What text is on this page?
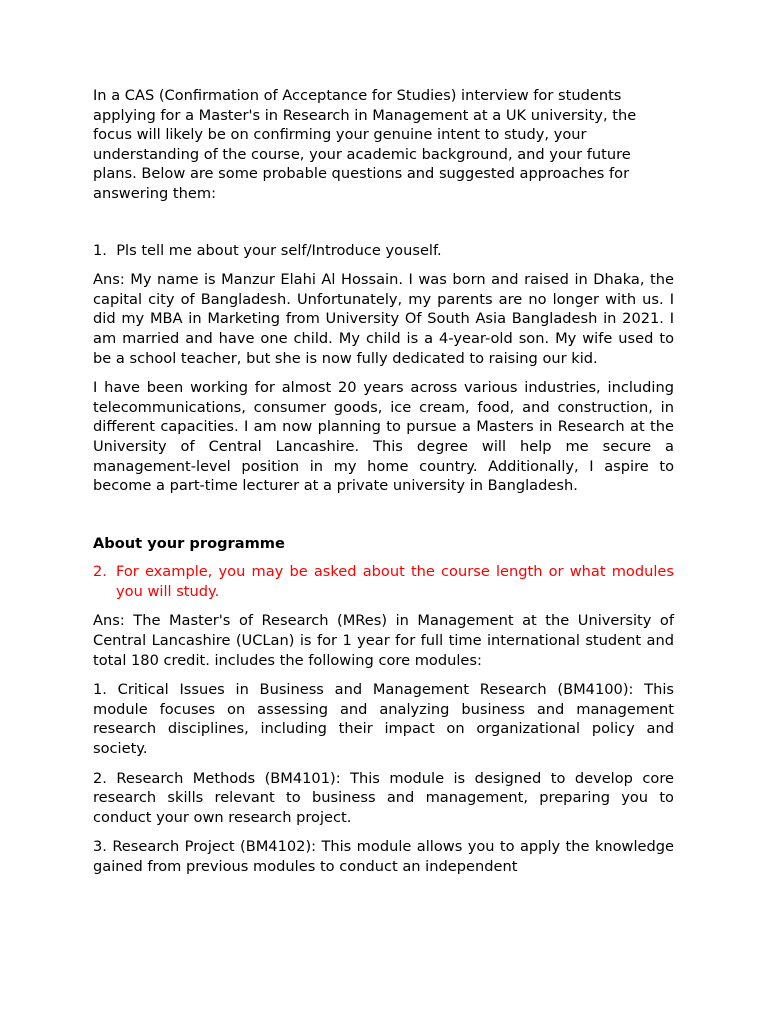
In a CAS (Confirmation of Acceptance for Studies) interview for students applying for a Master's in Research in Management at a UK university, the focus will likely be on confirming your genuine intent to study, your understanding of the course, your academic background, and your future plans. Below are some probable questions and suggested approaches for answering them:

1. Pls tell me about your self/Introduce youself.

Ans: My name is Manzur Elahi Al Hossain. I was born and raised in Dhaka, the capital city of Bangladesh. Unfortunately, my parents are no longer with us. I did my MBA in Marketing from University Of South Asia Bangladesh in 2021. I am married and have one child. My child is a 4-year-old son. My wife used to be a school teacher, but she is now fully dedicated to raising our kid.

I have been working for almost 20 years across various industries, including telecommunications, consumer goods, ice cream, food, and construction, in different capacities. I am now planning to pursue a Masters in Research at the University of Central Lancashire. This degree will help me secure a management-level position in my home country. Additionally, I aspire to become a part-time lecturer at a private university in Bangladesh.

About your programme

2. For example, you may be asked about the course length or what modules you will study.

Ans: The Master's of Research (MRes) in Management at the University of Central Lancashire (UCLan) is for 1 year for full time international student and total 180 credit. includes the following core modules:

1. Critical Issues in Business and Management Research (BM4100): This module focuses on assessing and analyzing business and management research disciplines, including their impact on organizational policy and society.

2. Research Methods (BM4101): This module is designed to develop core research skills relevant to business and management, preparing you to conduct your own research project.

3. Research Project (BM4102): This module allows you to apply the knowledge gained from previous modules to conduct an independent
